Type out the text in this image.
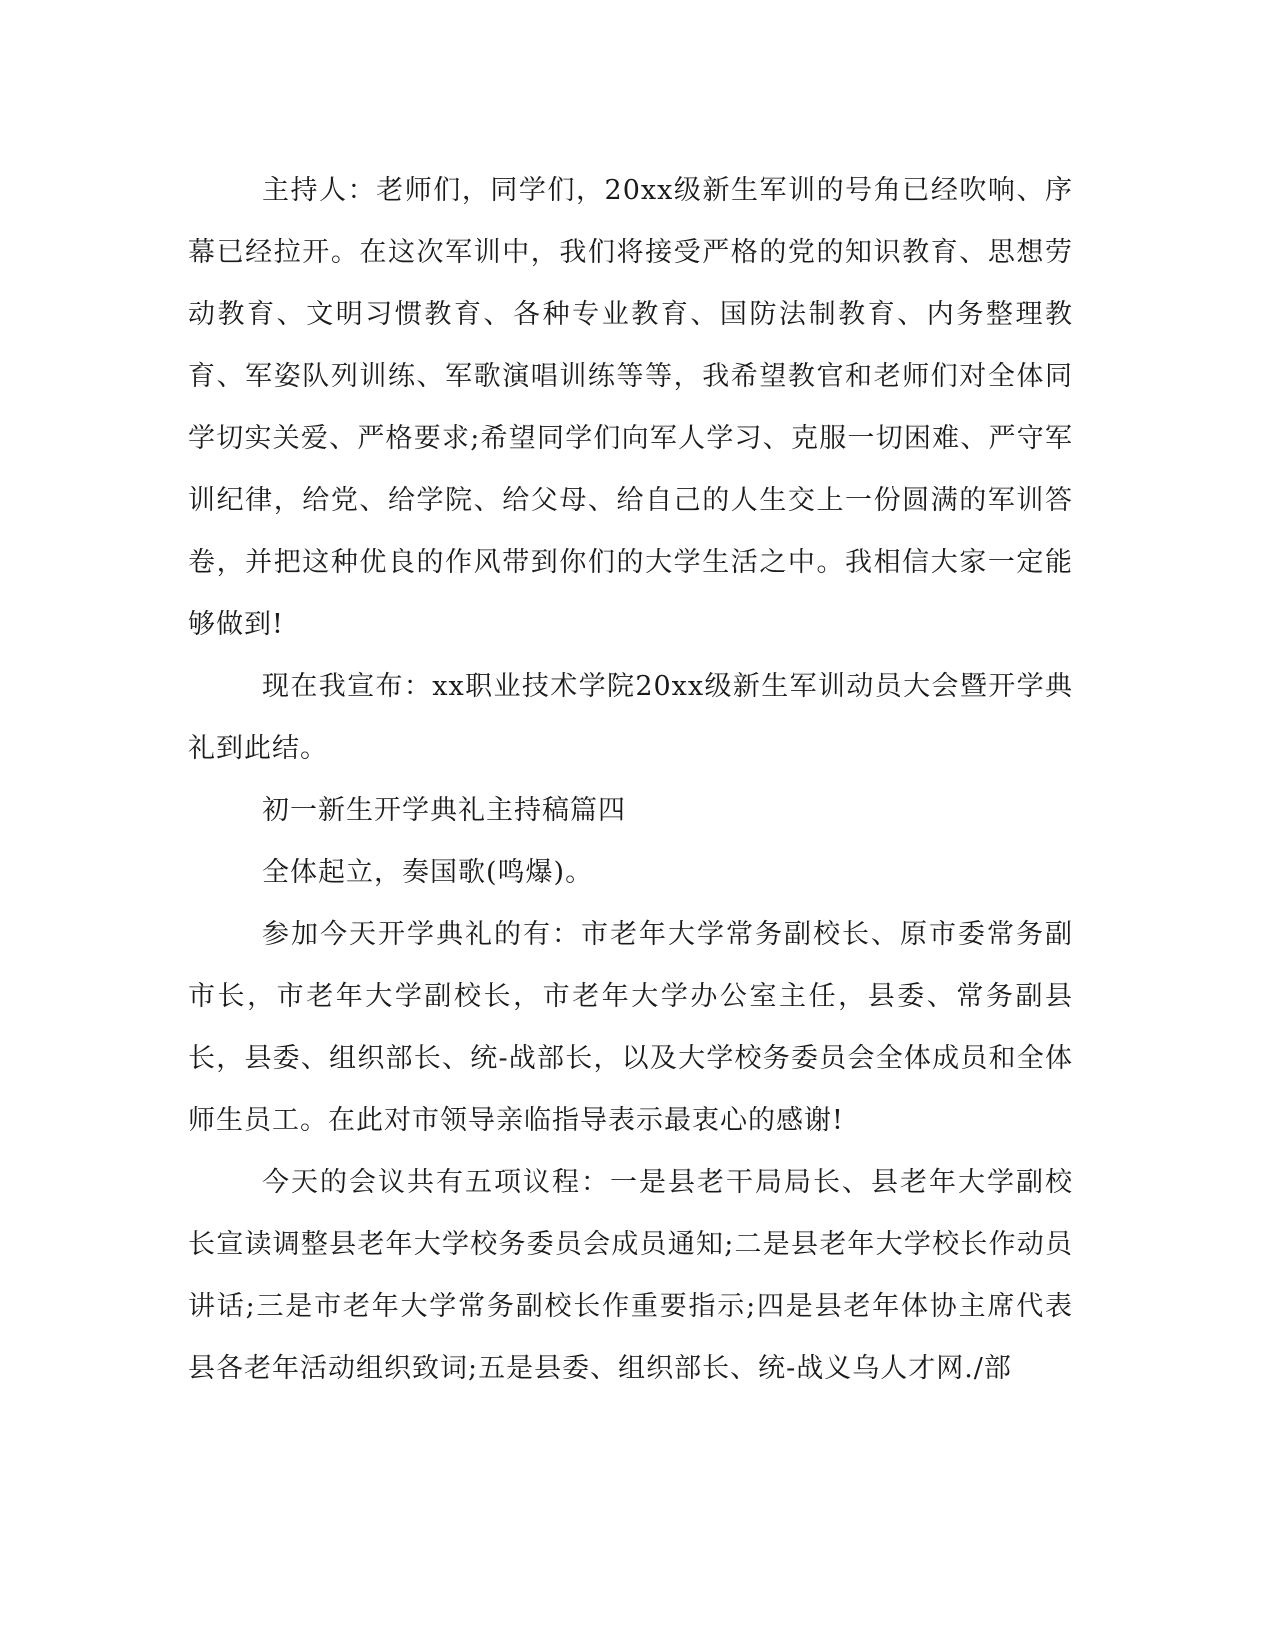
主持人：老师们，同学们，20xx级新生军训的号角已经吹响、序幕已经拉开。在这次军训中，我们将接受严格的党的知识教育、思想劳动教育、文明习惯教育、各种专业教育、国防法制教育、内务整理教育、军姿队列训练、军歌演唱训练等等，我希望教官和老师们对全体同学切实关爱、严格要求;希望同学们向军人学习、克服一切困难、严守军训纪律，给党、给学院、给父母、给自己的人生交上一份圆满的军训答卷，并把这种优良的作风带到你们的大学生活之中。我相信大家一定能够做到!

现在我宣布：xx职业技术学院20xx级新生军训动员大会暨开学典礼到此结。

初一新生开学典礼主持稿篇四

全体起立，奏国歌(鸣爆)。

参加今天开学典礼的有：市老年大学常务副校长、原市委常务副市长，市老年大学副校长，市老年大学办公室主任，县委、常务副县长，县委、组织部长、统-战部长，以及大学校务委员会全体成员和全体师生员工。在此对市领导亲临指导表示最衷心的感谢!

今天的会议共有五项议程：一是县老干局局长、县老年大学副校长宣读调整县老年大学校务委员会成员通知;二是县老年大学校长作动员讲话;三是市老年大学常务副校长作重要指示;四是县老年体协主席代表县各老年活动组织致词;五是县委、组织部长、统-战义乌人才网./部
